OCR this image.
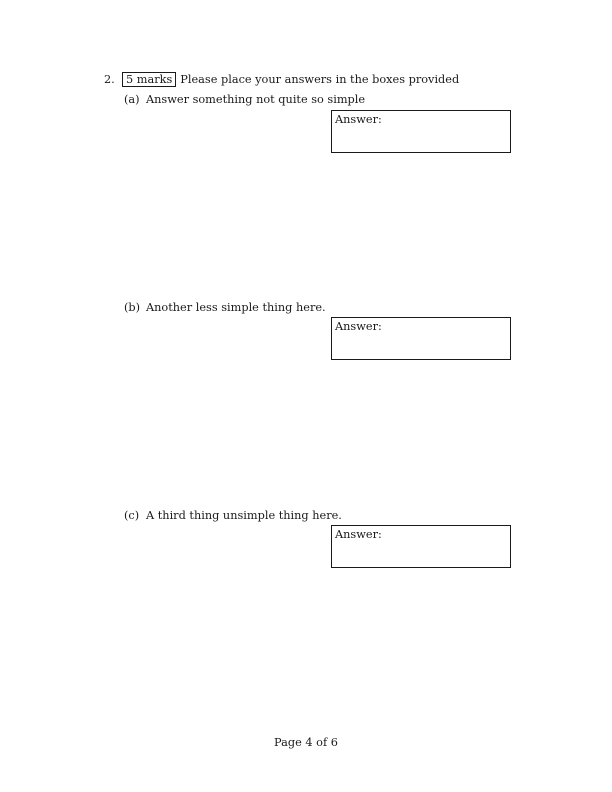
2. 5 marks Please place your answers in the boxes provided
(a) Answer something not quite so simple
Answer:
(b) Another less simple thing here.
Answer:
(c) A third thing unsimple thing here.
Answer:
Page 4 of 6
